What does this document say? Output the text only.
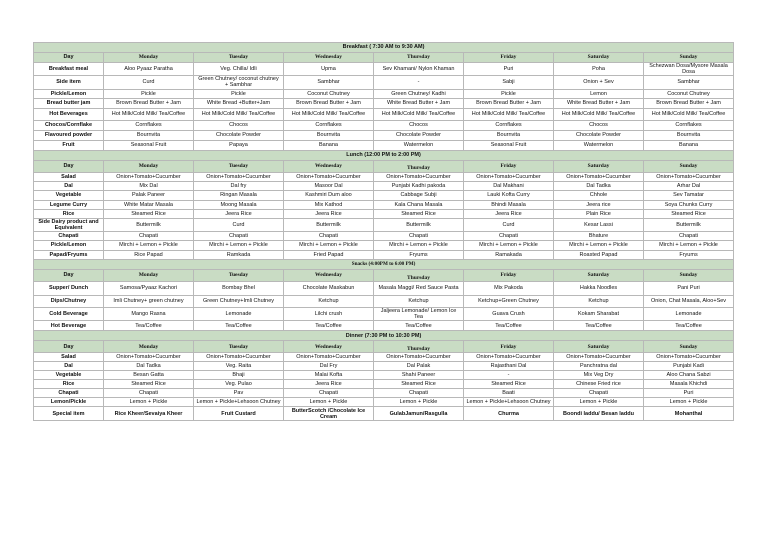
Breakfast ( 7:30 AM to 9:30 AM)							
Day	Monday	Tuesday	Wednesday	Thursday	Friday	Saturday	Sunday
Breakfast meal	Aloo Pyaaz Paratha	Veg. Chilla/ Idli	Upma	Sev Khamani/ Nylon Khaman	Puri	Poha	Schezwan Dosa/Mysore Masala Dosa
Side item	Curd	Green Chutney/ coconut chutney + Sambhar	Sambhar	-	Sabji	Onion + Sev	Sambhar
Pickle/Lemon	Pickle	Pickle	Coconut Chutney	Green Chutney/ Kadhi	Pickle	Lemon	Coconut Chutney
Bread butter jam	Brown Bread Butter + Jam	White Bread +Butter+Jam	Brown Bread Butter + Jam	White Bread Butter + Jam	Brown Bread Butter + Jam	White Bread Butter + Jam	Brown Bread Butter + Jam
Hot Beverages	Hot Milk/Cold Milk/ Tea/Coffee	Hot Milk/Cold Milk/ Tea/Coffee	Hot Milk/Cold Milk/ Tea/Coffee	Hot Milk/Cold Milk/ Tea/Coffee	Hot Milk/Cold Milk/ Tea/Coffee	Hot Milk/Cold Milk/ Tea/Coffee	Hot Milk/Cold Milk/ Tea/Coffee
Chocos/Cornflake	Cornflakes	Chocos	Cornflakes	Chocos	Cornflakes	Chocos	Cornflakes
Flavoured powder	Bournvita	Chocolate Powder	Bournvita	Chocolate Powder	Bournvita	Chocolate Powder	Bournvita
Fruit	Seasonal Fruit	Papaya	Banana	Watermelon	Seasonal Fruit	Watermelon	Banana
Lunch (12:00 PM to 2:00 PM)							
Day	Monday	Tuesday	Wednesday	Thursday	Friday	Saturday	Sunday
Salad	Onion+Tomato+Cucumber	Onion+Tomato+Cucumber	Onion+Tomato+Cucumber	Onion+Tomato+Cucumber	Onion+Tomato+Cucumber	Onion+Tomato+Cucumber	Onion+Tomato+Cucumber
Dal	Mix Dal	Dal fry	Masoor Dal	Punjabi Kadhi pakoda	Dal Makhani	Dal Tadka	Arhar Dal
Vegetable	Palak Paneer	Ringan Masala	Kashmiri Dum aloo	Cabbage Subji	Lauki Kofta Curry	Chhole	Sev Tamatar
Legume Curry	White Matar Masala	Moong Masala	Mix Kathod	Kala Chana Masala	Bhindi Masala	Jeera rice	Soya Chunks Curry
Rice	Steamed Rice	Jeera Rice	Jeera Rice	Steamed Rice	Jeera Rice	Plain Rice	Steamed Rice
Side Dairy product and Equivalent	Buttermilk	Curd	Buttermilk	Buttermilk	Curd	Kesar Lassi	Buttermilk
Chapati	Chapati	Chapati	Chapati	Chapati	Chapati	Bhature	Chapati
Pickle/Lemon	Mirchi + Lemon + Pickle	Mirchi + Lemon + Pickle	Mirchi + Lemon + Pickle	Mirchi + Lemon + Pickle	Mirchi + Lemon + Pickle	Mirchi + Lemon + Pickle	Mirchi + Lemon + Pickle
Papad/Fryums	Rice Papad	Ramkada	Fried Papad	Fryums	Ramakada	Roasted Papad	Fryums
Snacks (4:00PM to 6:00 PM)							
Day	Monday	Tuesday	Wednesday	Thursday	Friday	Saturday	Sunday
Supper/ Dunch	Samosa/Pyaaz Kachori	Bombay Bhel	Chocolate Maskabun	Masala Maggi/ Red Sauce Pasta	Mix Pakoda	Hakka Noodles	Pani Puri
Dips/Chutney	Imli Chutney+ green chutney	Green Chutney+Imli Chutney	Ketchup	Ketchup	Ketchup+Green Chutney	Ketchup	Onion, Chat Masala, Aloo+Sev
Cold Beverage	Mango Rasna	Lemonade	Lilchi crush	Jaljeera Lemonade/ Lemon Ice Tea	Guava Crush	Kokam Sharabat	Lemonade
Hot Beverage	Tea/Coffee	Tea/Coffee	Tea/Coffee	Tea/Coffee	Tea/Coffee	Tea/Coffee	Tea/Coffee
Dinner (7:30 PM to 10:30 PM)							
Day	Monday	Tuesday	Wednesday	Thursday	Friday	Saturday	Sunday
Salad	Onion+Tomato+Cucumber	Onion+Tomato+Cucumber	Onion+Tomato+Cucumber	Onion+Tomato+Cucumber	Onion+Tomato+Cucumber	Onion+Tomato+Cucumber	Onion+Tomato+Cucumber
Dal	Dal Tadka	Veg. Raita	Dal Fry	Dal Palak	Rajasthani Dal	Panchratna dal	Punjabi Kadi
Vegetable	Besan Gatta	Bhaji	Malai Kofta	Shahi Paneer	-	Mix Veg Dry	Aloo Chana Sabzi
Rice	Steamed Rice	Veg. Pulao	Jeera Rice	Steamed Rice	Steamed Rice	Chinese Fried rice	Masala Khichdi
Chapati	Chapati	Pav	Chapati	Chapati	Baati	Chapati	Puri
Lemon/Pickle	Lemon + Pickle	Lemon + Pickle+Lehsoon Chutney	Lemon + Pickle	Lemon + Pickle	Lemon + Pickle+Lehsoon Chutney	Lemon + Pickle	Lemon + Pickle
Special item	Rice Kheer/Sevaiya Kheer	Fruit Custard	ButterScotch /Chocolate Ice Cream	GulabJamun/Rasgulla	Churma	Boondi laddu/ Besan laddu	Mohanthal
